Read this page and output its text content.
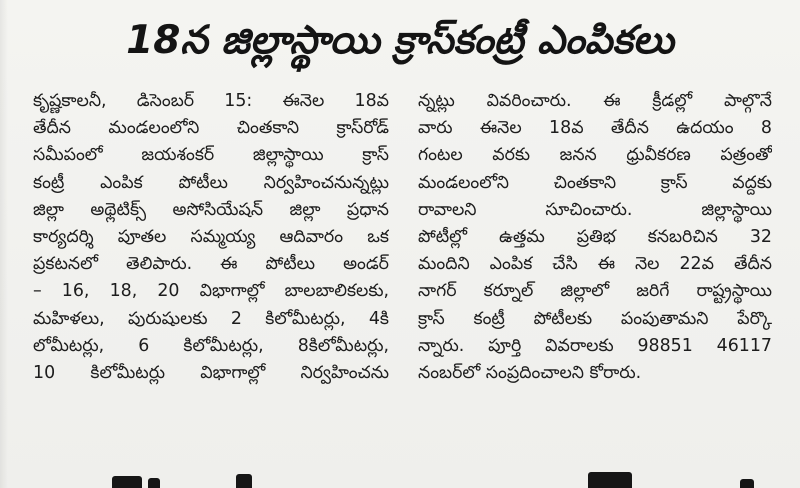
18న జిల్లాస్థాయి క్రాస్‌కంట్రీ ఎంపికలు
కృష్ణకాలనీ, డిసెంబర్ 15: ఈనెల 18వ
తేదీన మండలంలోని చింతకాని క్రాస్‌రోడ్
సమీపంలో జయశంకర్ జిల్లాస్థాయి క్రాస్
కంట్రీ ఎంపిక పోటీలు నిర్వహించనున్నట్లు
జిల్లా అథ్లెటిక్స్ అసోసియేషన్ జిల్లా ప్రధాన
కార్యదర్శి పూతల సమ్మయ్య ఆదివారం ఒక
ప్రకటనలో తెలిపారు. ఈ పోటీలు అండర్
– 16, 18, 20 విభాగాల్లో బాలబాలికలకు,
మహిళలు, పురుషులకు 2 కిలోమీటర్లు, 4కి
లోమీటర్లు, 6 కిలోమీటర్లు, 8కిలోమీటర్లు,
10 కిలోమీటర్లు విభాగాల్లో నిర్వహించను
న్నట్లు వివరించారు. ఈ క్రీడల్లో పాల్గొనే
వారు ఈనెల 18వ తేదీన ఉదయం 8
గంటల వరకు జనన ధ్రువీకరణ పత్రంతో
మండలంలోని చింతకాని క్రాస్ వద్దకు
రావాలని సూచించారు. జిల్లాస్థాయి
పోటీల్లో ఉత్తమ ప్రతిభ కనబరిచిన 32
మందిని ఎంపిక చేసి ఈ నెల 22వ తేదీన
నాగర్ కర్నూల్ జిల్లాలో జరిగే రాష్ట్రస్థాయి
క్రాస్ కంట్రీ పోటీలకు పంపుతామని పేర్కొ
న్నారు. పూర్తి వివరాలకు 98851 46117
నంబర్‌లో సంప్రదించాలని కోరారు.
